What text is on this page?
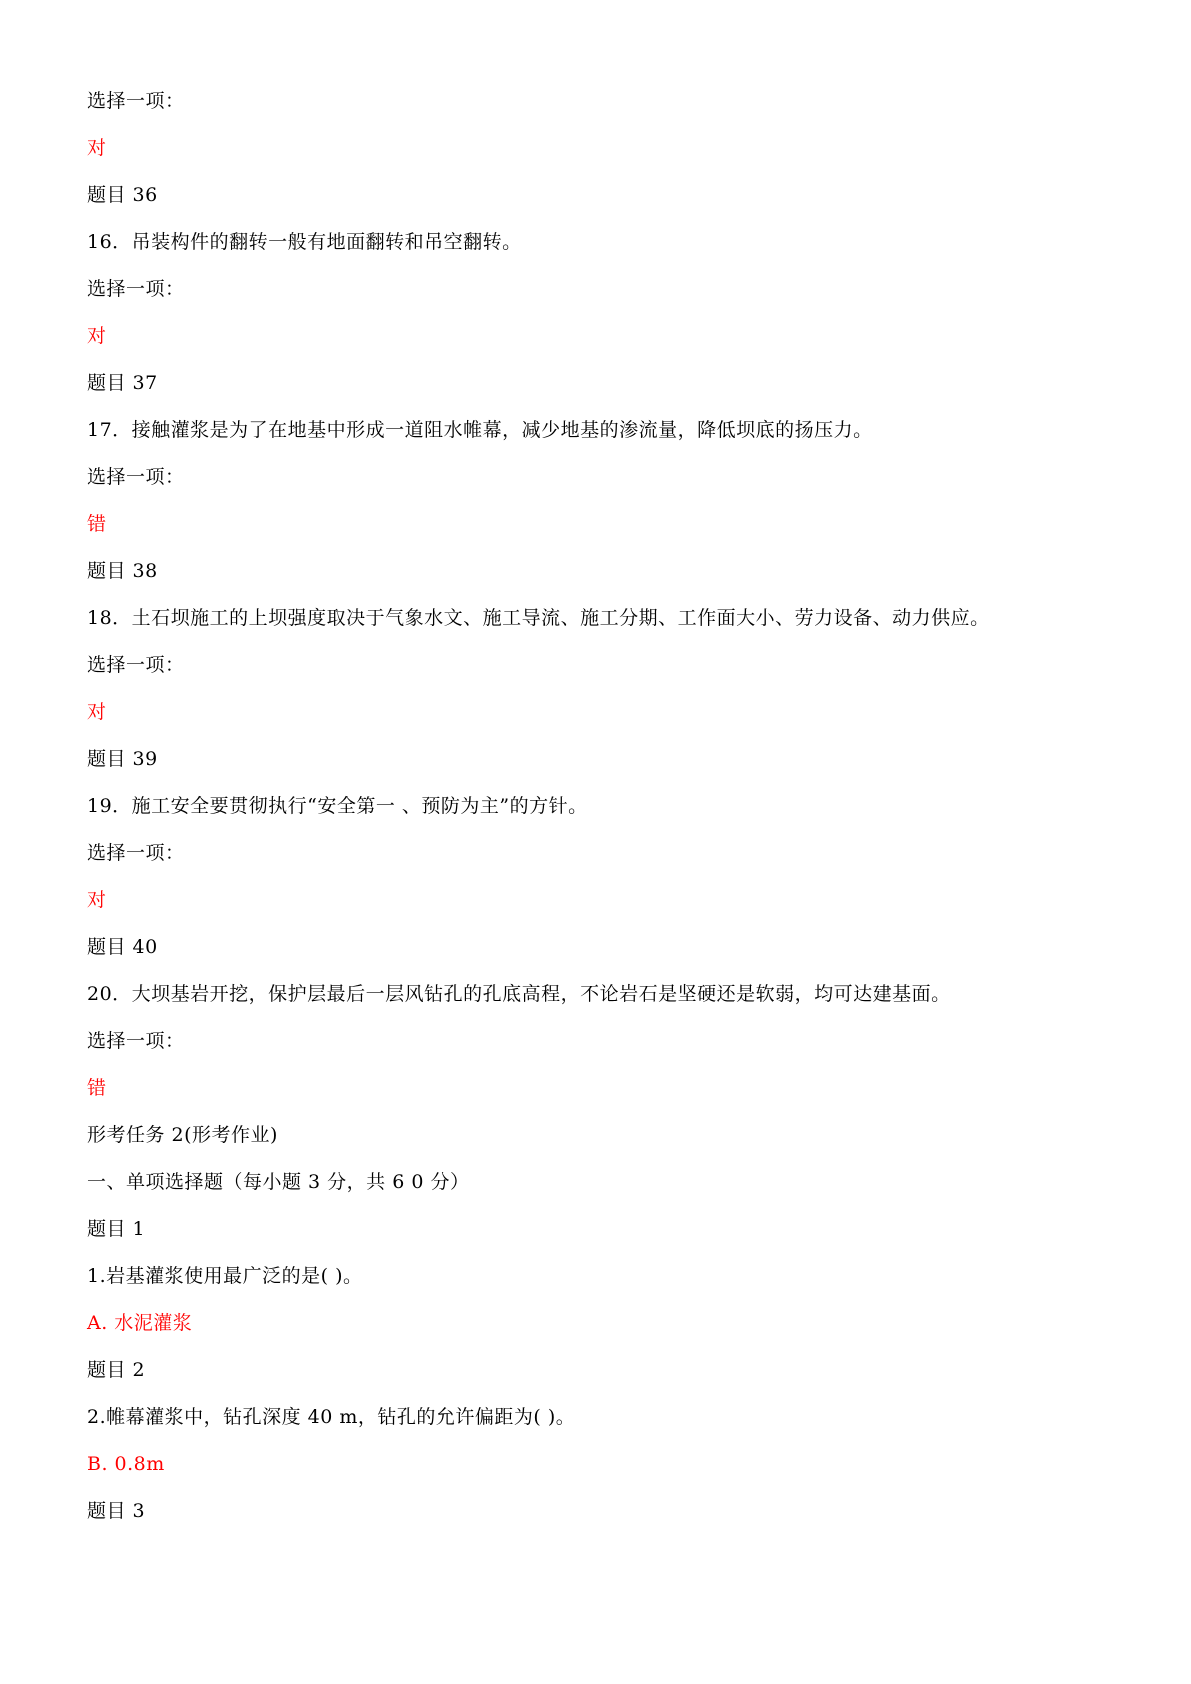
选择一项：
对
题目 36
16．吊装构件的翻转一般有地面翻转和吊空翻转。
选择一项：
对
题目 37
17．接触灌浆是为了在地基中形成一道阻水帷幕，减少地基的渗流量，降低坝底的扬压力。
选择一项：
错
题目 38
18．土石坝施工的上坝强度取决于气象水文、施工导流、施工分期、工作面大小、劳力设备、动力供应。
选择一项：
对
题目 39
19．施工安全要贯彻执行“安全第一 、预防为主”的方针。
选择一项：
对
题目 40
20．大坝基岩开挖，保护层最后一层风钻孔的孔底高程，不论岩石是坚硬还是软弱，均可达建基面。
选择一项：
错
形考任务 2(形考作业)
一、单项选择题（每小题 3 分，共 6 0 分）
题目 1
1.岩基灌浆使用最广泛的是( )。
A. 水泥灌浆
题目 2
2.帷幕灌浆中，钻孔深度 40 m，钻孔的允许偏距为( )。
B. 0.8m
题目 3
